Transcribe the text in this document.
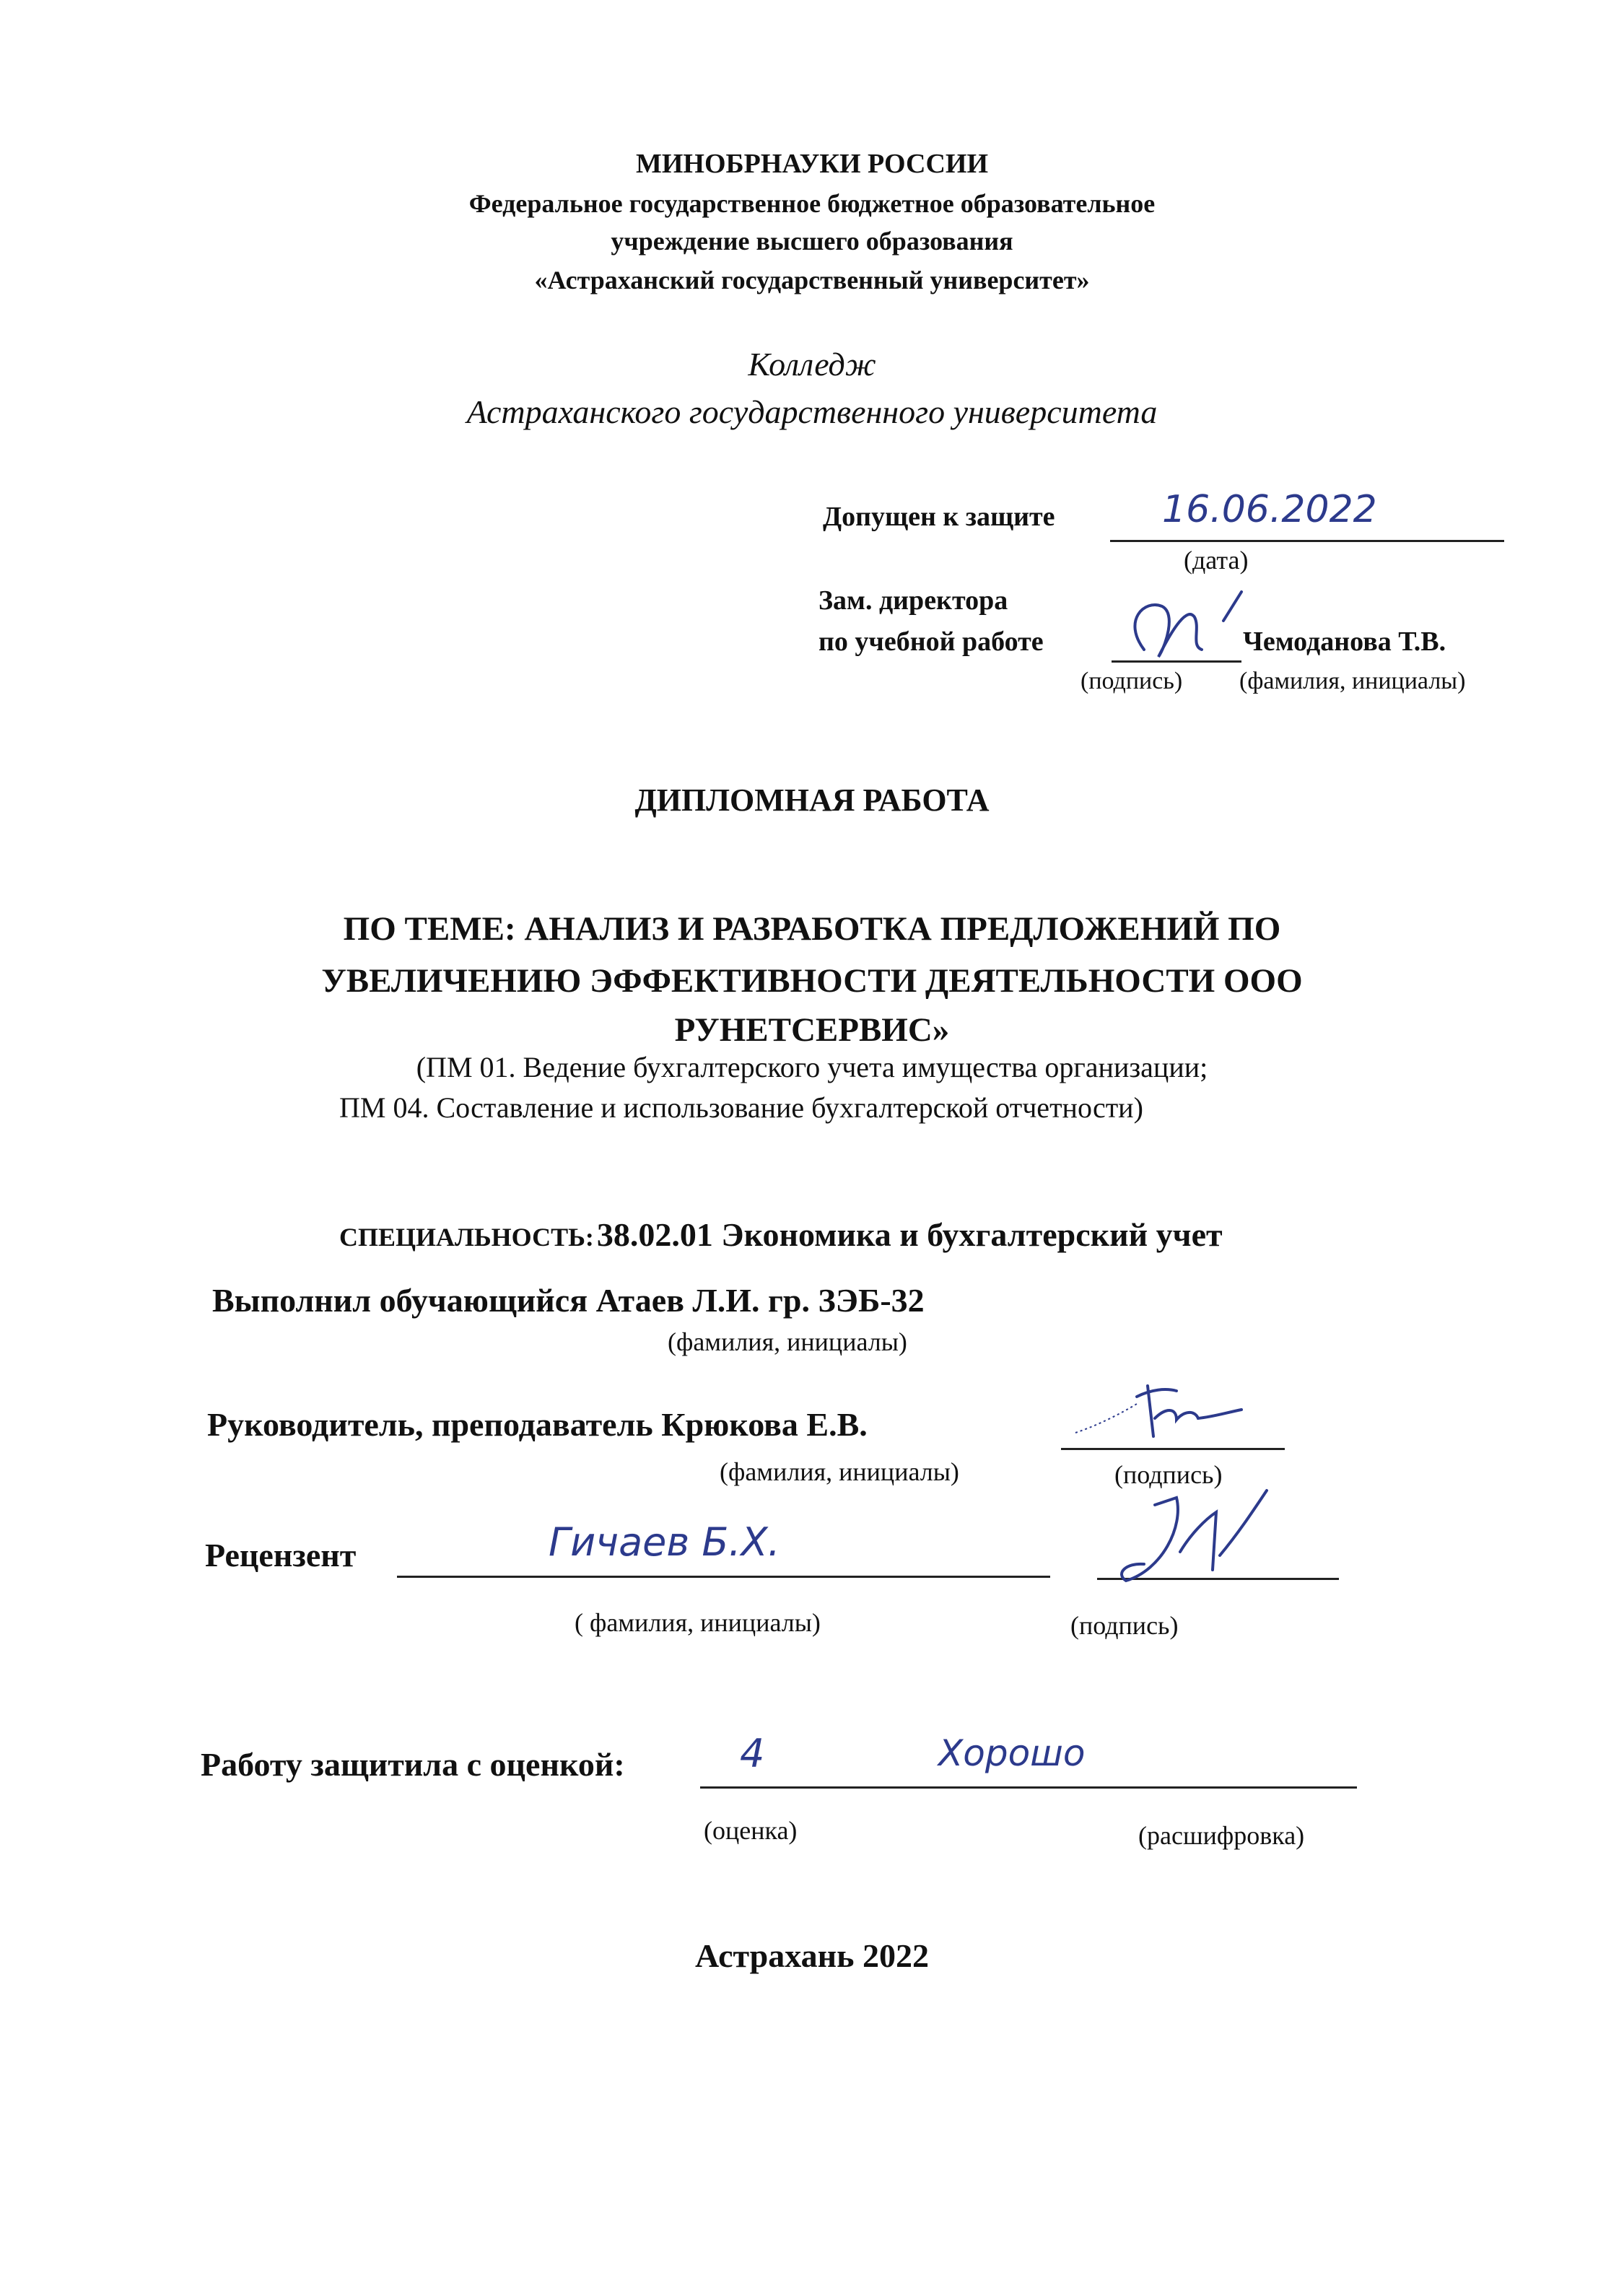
МИНОБРНАУКИ РОССИИ
Федеральное государственное бюджетное образовательное
учреждение высшего образования
«Астраханский государственный университет»
Колледж
Астраханского государственного университета
Допущен к защите	16.06.2022
(дата)
Зам. директора
по учебной работе	Чемоданова Т.В.
(подпись) (фамилия, инициалы)
ДИПЛОМНАЯ РАБОТА
ПО ТЕМЕ: АНАЛИЗ И РАЗРАБОТКА ПРЕДЛОЖЕНИЙ ПО
УВЕЛИЧЕНИЮ ЭФФЕКТИВНОСТИ ДЕЯТЕЛЬНОСТИ ООО
РУНЕТСЕРВИС»
(ПМ 01. Ведение бухгалтерского учета имущества организации;
ПМ 04. Составление и использование бухгалтерской отчетности)
СПЕЦИАЛЬНОСТЬ: 38.02.01 Экономика и бухгалтерский учет
Выполнил обучающийся Атаев Л.И. гр. ЗЭБ-32
(фамилия, инициалы)
Руководитель, преподаватель Крюкова Е.В.
(фамилия, инициалы)	(подпись)
Рецензент	Гичаев Б.Х.
( фамилия, инициалы)	(подпись)
Работу защитила с оценкой:	4	Хорошо
(оценка)	(расшифровка)
Астрахань 2022
